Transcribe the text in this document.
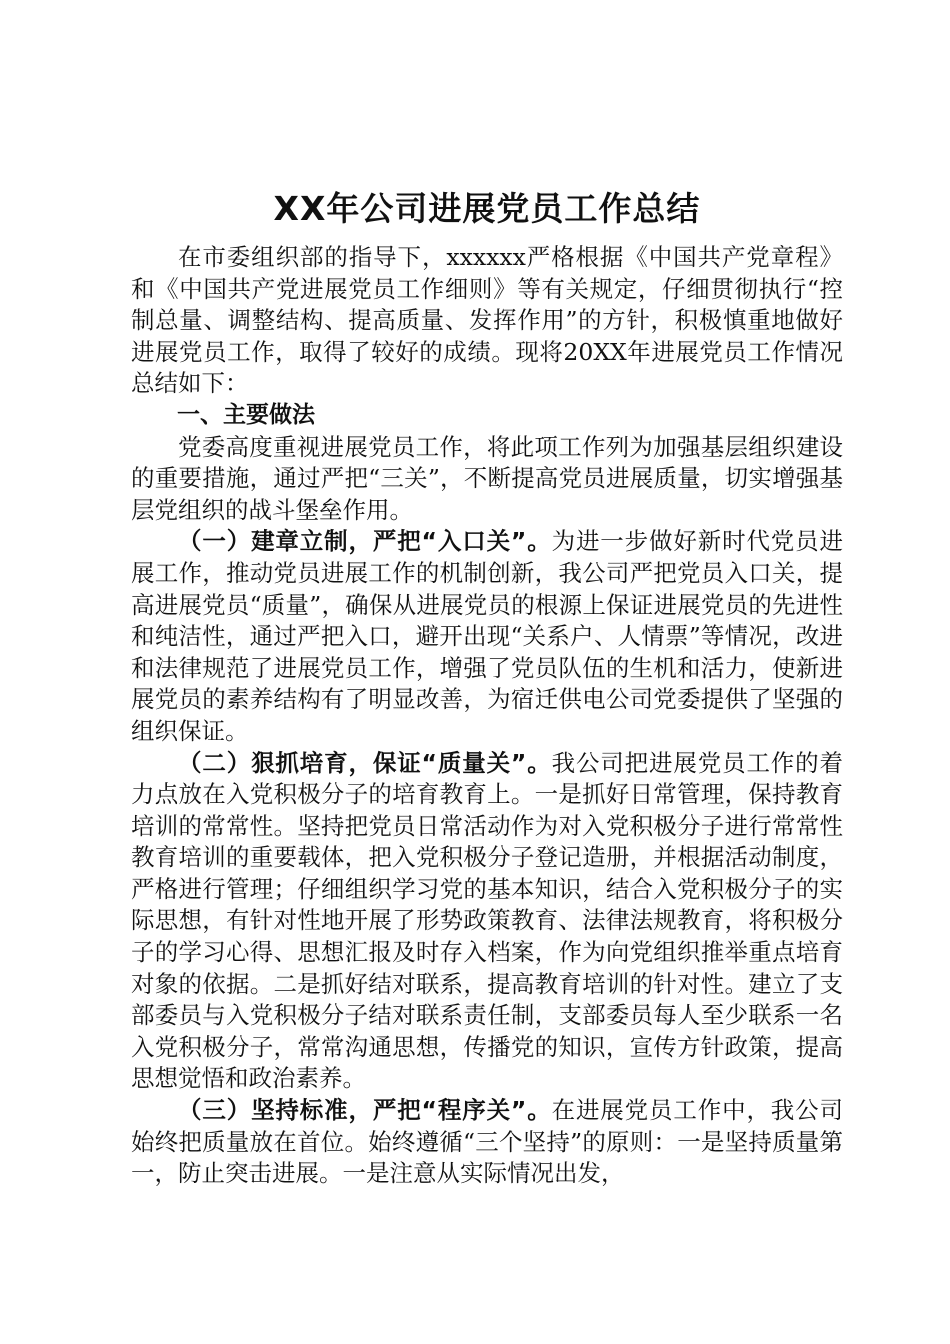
XX年公司进展党员工作总结

在市委组织部的指导下，xxxxxx严格根据《中国共产党章程》和《中国共产党进展党员工作细则》等有关规定，仔细贯彻执行“控制总量、调整结构、提高质量、发挥作用”的方针，积极慎重地做好进展党员工作，取得了较好的成绩。现将20XX年进展党员工作情况总结如下：

一、主要做法

党委高度重视进展党员工作，将此项工作列为加强基层组织建设的重要措施，通过严把“三关”，不断提高党员进展质量，切实增强基层党组织的战斗堡垒作用。

（一）建章立制，严把“入口关”。为进一步做好新时代党员进展工作，推动党员进展工作的机制创新，我公司严把党员入口关，提高进展党员“质量”，确保从进展党员的根源上保证进展党员的先进性和纯洁性，通过严把入口，避开出现“关系户、人情票”等情况，改进和法律规范了进展党员工作，增强了党员队伍的生机和活力，使新进展党员的素养结构有了明显改善，为宿迁供电公司党委提供了坚强的组织保证。

（二）狠抓培育，保证“质量关”。我公司把进展党员工作的着力点放在入党积极分子的培育教育上。一是抓好日常管理，保持教育培训的常常性。坚持把党员日常活动作为对入党积极分子进行常常性教育培训的重要载体，把入党积极分子登记造册，并根据活动制度，严格进行管理；仔细组织学习党的基本知识，结合入党积极分子的实际思想，有针对性地开展了形势政策教育、法律法规教育，将积极分子的学习心得、思想汇报及时存入档案，作为向党组织推举重点培育对象的依据。二是抓好结对联系，提高教育培训的针对性。建立了支部委员与入党积极分子结对联系责任制，支部委员每人至少联系一名入党积极分子，常常沟通思想，传播党的知识，宣传方针政策，提高思想觉悟和政治素养。

（三）坚持标准，严把“程序关”。在进展党员工作中，我公司始终把质量放在首位。始终遵循“三个坚持”的原则：一是坚持质量第一，防止突击进展。一是注意从实际情况出发，
